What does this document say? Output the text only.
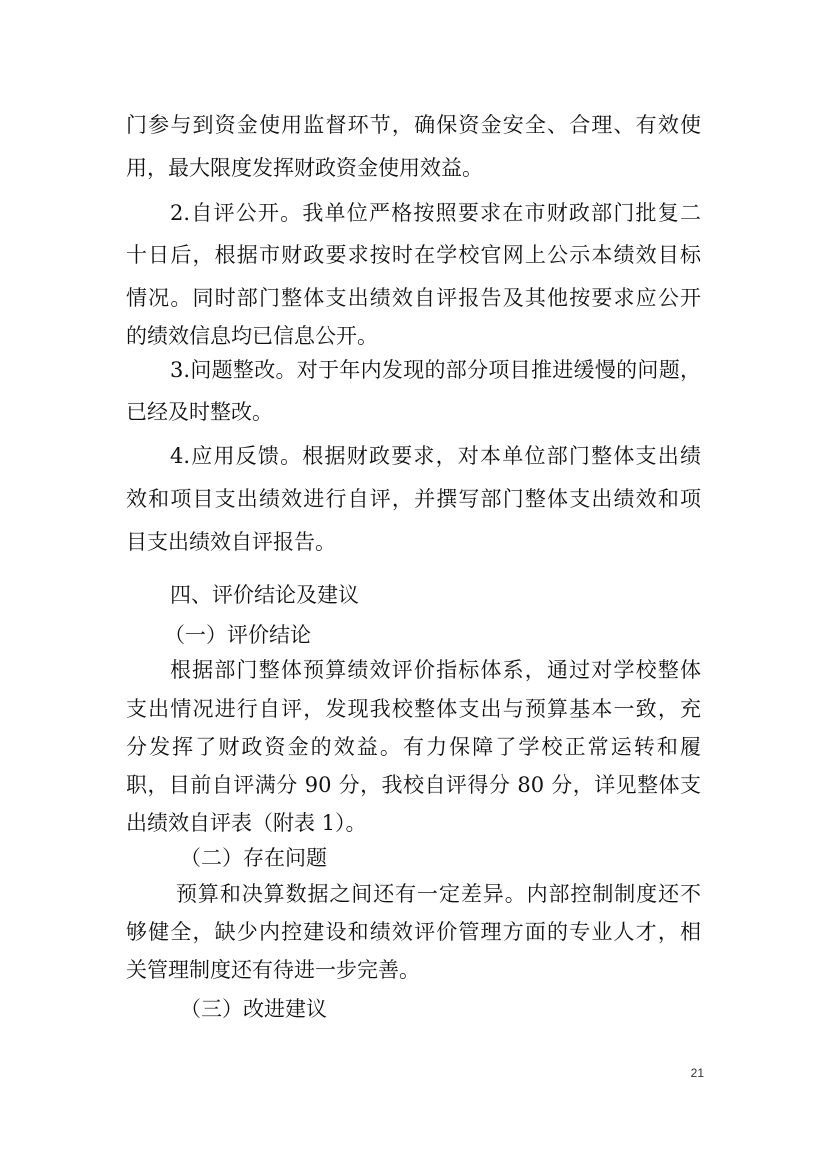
门参与到资金使用监督环节，确保资金安全、合理、有效使
用，最大限度发挥财政资金使用效益。
2.自评公开。我单位严格按照要求在市财政部门批复二
十日后，根据市财政要求按时在学校官网上公示本绩效目标
情况。同时部门整体支出绩效自评报告及其他按要求应公开
的绩效信息均已信息公开。
3.问题整改。对于年内发现的部分项目推进缓慢的问题，
已经及时整改。
4.应用反馈。根据财政要求，对本单位部门整体支出绩
效和项目支出绩效进行自评，并撰写部门整体支出绩效和项
目支出绩效自评报告。
四、评价结论及建议
（一）评价结论
根据部门整体预算绩效评价指标体系，通过对学校整体
支出情况进行自评，发现我校整体支出与预算基本一致，充
分发挥了财政资金的效益。有力保障了学校正常运转和履
职，目前自评满分 90 分，我校自评得分 80 分，详见整体支
出绩效自评表（附表 1）。
（二）存在问题
预算和决算数据之间还有一定差异。内部控制制度还不
够健全，缺少内控建设和绩效评价管理方面的专业人才，相
关管理制度还有待进一步完善。
（三）改进建议
21
